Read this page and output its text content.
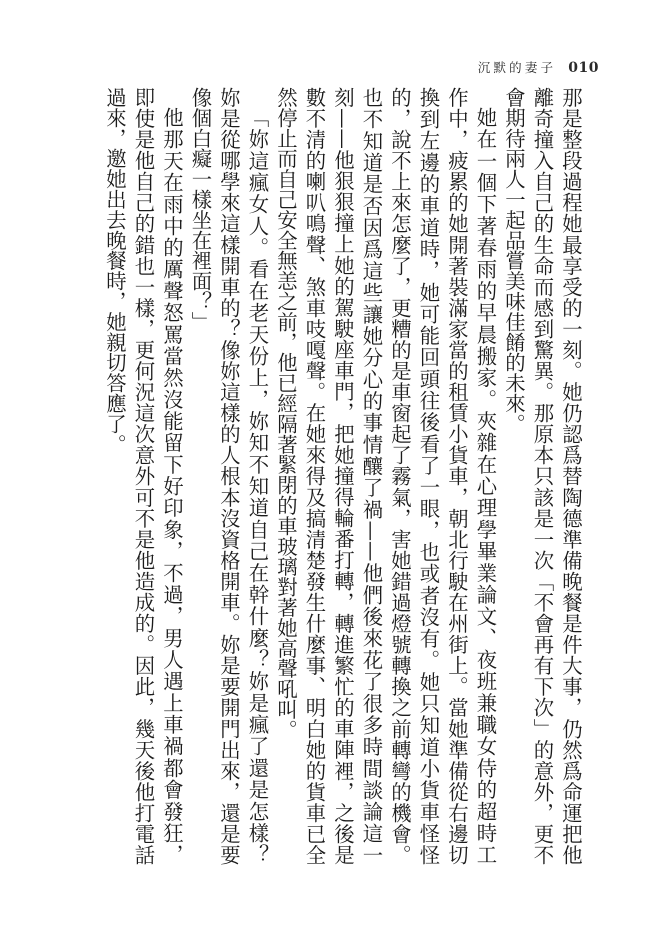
沉默的妻子 010
那是整段過程她最享受的一刻。她仍認爲替陶德準備晚餐是件大事，仍然爲命運把他
離奇撞入自己的生命而感到驚異。那原本只該是一次「不會再有下次」的意外，更不
會期待兩人一起品嘗美味佳餚的未來。
她在一個下著春雨的早晨搬家。夾雜在心理學畢業論文、夜班兼職女侍的超時工
作中，疲累的她開著裝滿家當的租賃小貨車，朝北行駛在州街上。當她準備從右邊切
換到左邊的車道時，她可能回頭往後看了一眼，也或者沒有。她只知道小貨車怪怪
的，說不上來怎麼了，更糟的是車窗起了霧氣，害她錯過燈號轉換之前轉彎的機會。
也不知道是否因爲這些讓她分心的事情釀了禍——他們後來花了很多時間談論這一
刻——他狠狠撞上她的駕駛座車門，把她撞得輪番打轉，轉進繁忙的車陣裡，之後是
數不清的喇叭鳴聲、煞車吱嘎聲。在她來得及搞清楚發生什麼事、明白她的貨車已全
然停止而自己安全無恙之前，他已經隔著緊閉的車玻璃對著她高聲吼叫。
「妳這瘋女人。看在老天份上，妳知不知道自己在幹什麼？妳是瘋了還是怎樣？
妳是從哪學來這樣開車的？像妳這樣的人根本沒資格開車。妳是要開門出來，還是要
像個白癡一樣坐在裡面？」
他那天在雨中的厲聲怒罵當然沒能留下好印象，不過，男人遇上車禍都會發狂，
即使是他自己的錯也一樣，更何況這次意外可不是他造成的。因此，幾天後他打電話
過來，邀她出去晚餐時，她親切答應了。
